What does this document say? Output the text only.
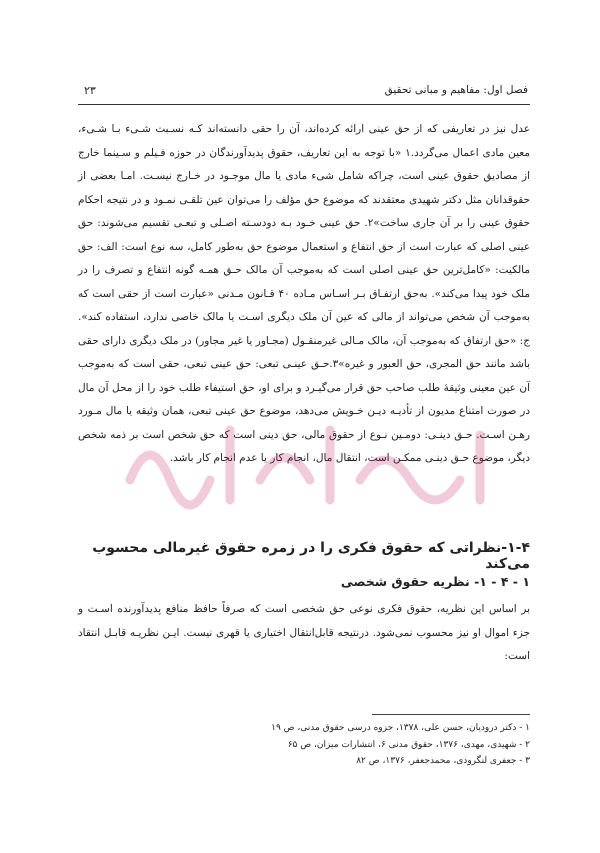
فصل اول: مفاهیم و مبانی تحقیق
۲۳

عدل نیز در تعاریفی که از حق عینی ارائه کرده‌اند، آن را حقی دانسته‌اند کـه نسـبت شـیء بـا شـیء، معین مادی اعمال می‌گردد.۱ «با توجه به این تعاریف، حقوق پدیدآورندگان در حوزه فـیلم و سـینما خارج از مصادیق حقوق عینی است، چراکه شامل شیء مادی یا مال موجـود در خـارج نیسـت. امـا بعضی از حقوقدانان مثل دکتر شهیدی معتقدند که موضوع حق مؤلف را می‌توان عین تلقـی نمـود و در نتیجه احکام حقوق عینی را بر آن جاری ساخت»۲. حق عینی خـود بـه دودسـته اصـلی و تبعـی تقسیم می‌شوند: حق عینی اصلی که عبارت است از حق انتفاع و استعمال موضوع حق به‌طور کامل، سه نوع است: الف: حق مالکیت: «کامل‌ترین حق عینی اصلی است که به‌موجب آن مالک حـق همـه گونه انتفاع و تصرف را در ملک خود پیدا می‌کند». به‌حق ارتفـاق بـر اسـاس مـاده ۴۰ قـانون مـدنی «عبارت است از حقی است که به‌موجب آن شخص می‌تواند از مالی که عین آن ملک دیگری اسـت یا مالک خاصی ندارد، استفاده کند». ج: «حق ارتفاق که به‌موجب آن، مالک مـالی غیرمنقـول (مجـاور یا غیر مجاور) در ملک دیگری دارای حقی باشد مانند حق المجری، حق العبور و غیره»۳.حـق عینـی تبعی: حق عینی تبعی، حقی است که به‌موجب آن عین معینی وثیقهٔ طلب صاحب حق قرار می‌گیـرد و برای او، حق استیفاء طلب خود را از محل آن مال در صورت امتناع مدیون از تأدیـه دیـن خـویش می‌دهد، موضوع حق عینی تبعی، همان وثیقه یا مال مـورد رهـن اسـت. حـق دینـی: دومـین نـوع از حقوق مالی، حق دینی است که حق شخص است بر ذمه شخص دیگر، موضوع حـق دینـی ممکـن است، انتقال مال، انجام کار یا عدم انجام کار باشد.

۱-۴-نظراتی که حقوق فکری را در زمره حقوق غیرمالی محسوب می‌کند
۱ - ۴ - ۱- نظریه حقوق شخصی

بر اساس این نظریه، حقوق فکری نوعی حق شخصی است که صرفاً حافظ منافع پدیدآورنده اسـت و جزء اموال او نیز محسوب نمی‌شود. درنتیجه قابل‌انتقال اختیاری یا قهری نیست. ایـن نظریـه قابـل انتقاد است:

۱ - دکتر درودیان، حسن علی، ۱۳۷۸، جزوه درسی حقوق مدنی، ص ۱۹
۲ - شهیدی، مهدی، ۱۳۷۶، حقوق مدنی ۶، انتشارات میزان، ص ۶۵
۳ - جعفری لنگرودی، محمدجعفر، ۱۳۷۶، ص ۸۲
